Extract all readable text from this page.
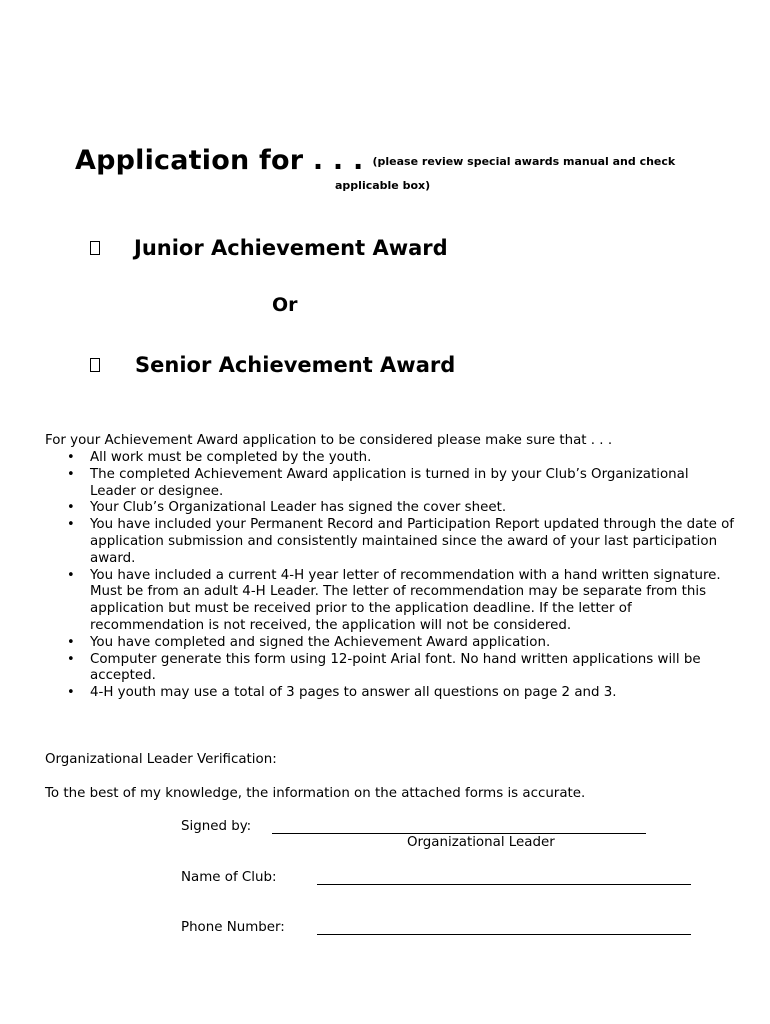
Application for . . . $^{(please review special awards manual and check}$
applicable box)
Junior Achievement Award
Or
Senior Achievement Award
For your Achievement Award application to be considered please make sure that . . .
• All work must be completed by the youth.
• The completed Achievement Award application is turned in by your Club’s Organizational Leader or designee.
• Your Club’s Organizational Leader has signed the cover sheet.
• You have included your Permanent Record and Participation Report updated through the date of application submission and consistently maintained since the award of your last participation award.
• You have included a current 4-H year letter of recommendation with a hand written signature. Must be from an adult 4-H Leader. The letter of recommendation may be separate from this application but must be received prior to the application deadline. If the letter of recommendation is not received, the application will not be considered.
• You have completed and signed the Achievement Award application.
• Computer generate this form using 12-point Arial font. No hand written applications will be accepted.
• 4-H youth may use a total of 3 pages to answer all questions on page 2 and 3.
Organizational Leader Verification:
To the best of my knowledge, the information on the attached forms is accurate.
Signed by:
Organizational Leader
Name of Club:
Phone Number:
